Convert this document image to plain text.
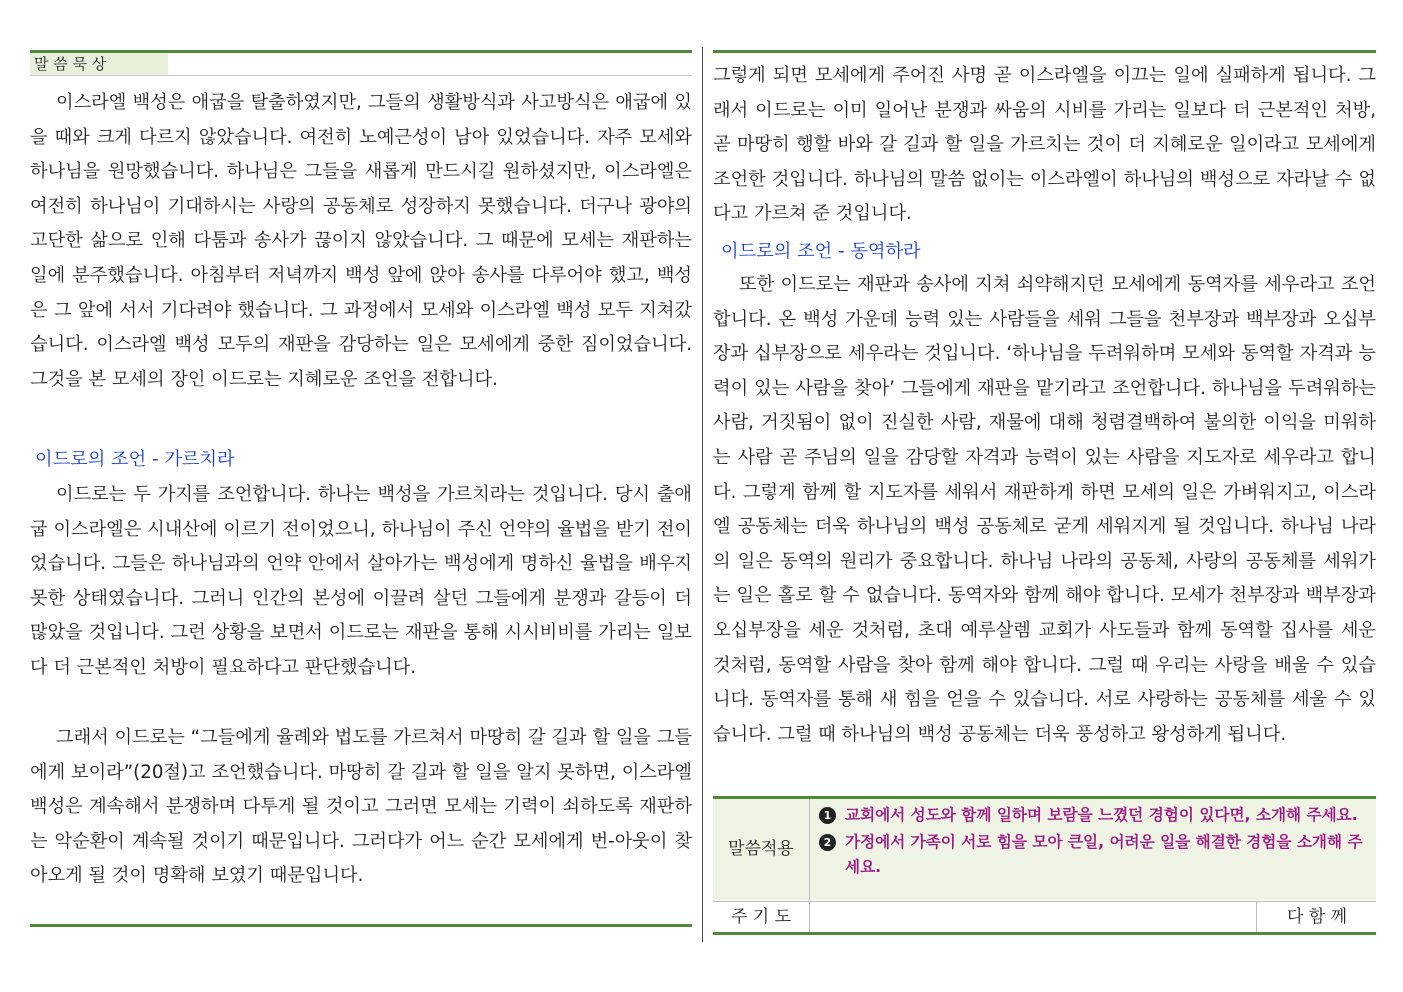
말 씀 묵 상

이스라엘 백성은 애굽을 탈출하였지만, 그들의 생활방식과 사고방식은 애굽에 있을 때와 크게 다르지 않았습니다. 여전히 노예근성이 남아 있었습니다. 자주 모세와 하나님을 원망했습니다. 하나님은 그들을 새롭게 만드시길 원하셨지만, 이스라엘은 여전히 하나님이 기대하시는 사랑의 공동체로 성장하지 못했습니다. 더구나 광야의 고단한 삶으로 인해 다툼과 송사가 끊이지 않았습니다. 그 때문에 모세는 재판하는 일에 분주했습니다. 아침부터 저녁까지 백성 앞에 앉아 송사를 다루어야 했고, 백성은 그 앞에 서서 기다려야 했습니다. 그 과정에서 모세와 이스라엘 백성 모두 지쳐갔습니다. 이스라엘 백성 모두의 재판을 감당하는 일은 모세에게 중한 짐이었습니다. 그것을 본 모세의 장인 이드로는 지혜로운 조언을 전합니다.

이드로의 조언 - 가르치라

이드로는 두 가지를 조언합니다. 하나는 백성을 가르치라는 것입니다. 당시 출애굽 이스라엘은 시내산에 이르기 전이었으니, 하나님이 주신 언약의 율법을 받기 전이었습니다. 그들은 하나님과의 언약 안에서 살아가는 백성에게 명하신 율법을 배우지 못한 상태였습니다. 그러니 인간의 본성에 이끌려 살던 그들에게 분쟁과 갈등이 더 많았을 것입니다. 그런 상황을 보면서 이드로는 재판을 통해 시시비비를 가리는 일보다 더 근본적인 처방이 필요하다고 판단했습니다.

그래서 이드로는 “그들에게 율례와 법도를 가르쳐서 마땅히 갈 길과 할 일을 그들에게 보이라”(20절)고 조언했습니다. 마땅히 갈 길과 할 일을 알지 못하면, 이스라엘 백성은 계속해서 분쟁하며 다투게 될 것이고 그러면 모세는 기력이 쇠하도록 재판하는 악순환이 계속될 것이기 때문입니다. 그러다가 어느 순간 모세에게 번-아웃이 찾아오게 될 것이 명확해 보였기 때문입니다.

그렇게 되면 모세에게 주어진 사명 곧 이스라엘을 이끄는 일에 실패하게 됩니다. 그래서 이드로는 이미 일어난 분쟁과 싸움의 시비를 가리는 일보다 더 근본적인 처방, 곧 마땅히 행할 바와 갈 길과 할 일을 가르치는 것이 더 지혜로운 일이라고 모세에게 조언한 것입니다. 하나님의 말씀 없이는 이스라엘이 하나님의 백성으로 자라날 수 없다고 가르쳐 준 것입니다.

이드로의 조언 - 동역하라

또한 이드로는 재판과 송사에 지쳐 쇠약해지던 모세에게 동역자를 세우라고 조언합니다. 온 백성 가운데 능력 있는 사람들을 세워 그들을 천부장과 백부장과 오십부장과 십부장으로 세우라는 것입니다. ‘하나님을 두려워하며 모세와 동역할 자격과 능력이 있는 사람을 찾아’ 그들에게 재판을 맡기라고 조언합니다. 하나님을 두려워하는 사람, 거짓됨이 없이 진실한 사람, 재물에 대해 청렴결백하여 불의한 이익을 미워하는 사람 곧 주님의 일을 감당할 자격과 능력이 있는 사람을 지도자로 세우라고 합니다. 그렇게 함께 할 지도자를 세워서 재판하게 하면 모세의 일은 가벼워지고, 이스라엘 공동체는 더욱 하나님의 백성 공동체로 굳게 세워지게 될 것입니다. 하나님 나라의 일은 동역의 원리가 중요합니다. 하나님 나라의 공동체, 사랑의 공동체를 세워가는 일은 홀로 할 수 없습니다. 동역자와 함께 해야 합니다. 모세가 천부장과 백부장과 오십부장을 세운 것처럼, 초대 예루살렘 교회가 사도들과 함께 동역할 집사를 세운 것처럼, 동역할 사람을 찾아 함께 해야 합니다. 그럴 때 우리는 사랑을 배울 수 있습니다. 동역자를 통해 새 힘을 얻을 수 있습니다. 서로 사랑하는 공동체를 세울 수 있습니다. 그럴 때 하나님의 백성 공동체는 더욱 풍성하고 왕성하게 됩니다.

말씀적용
1 교회에서 성도와 함께 일하며 보람을 느꼈던 경험이 있다면, 소개해 주세요.
2 가정에서 가족이 서로 힘을 모아 큰일, 어려운 일을 해결한 경험을 소개해 주세요.
주 기 도	다 함 께
